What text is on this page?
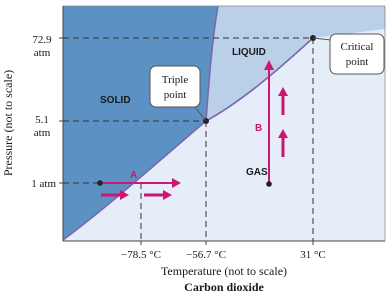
SOLID
LIQUID
GAS
A
B
Triple
point
Critical
point
72.9
atm
5.1
atm
1 atm
−78.5 °C −56.7 °C	31 °C
Temperature (not to scale)
Carbon dioxide
Pressure (not to scale)
